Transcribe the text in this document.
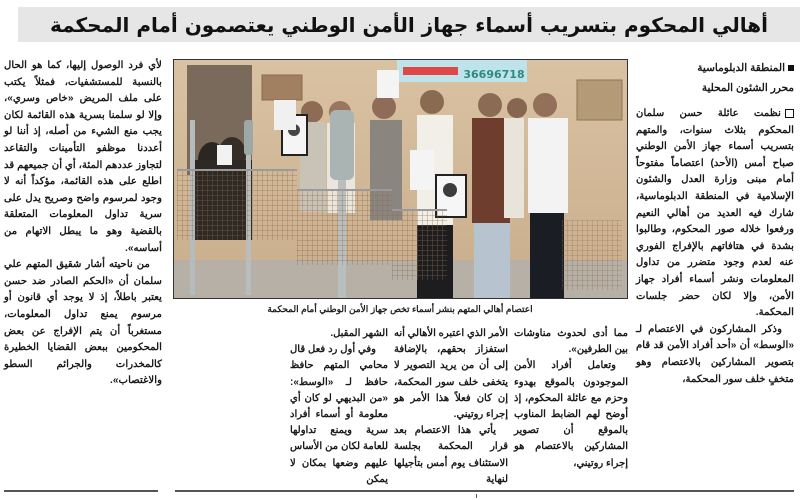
أهالي المحكوم بتسريب أسماء جهاز الأمن الوطني يعتصمون أمام المحكمة
المنطقة الدبلوماسية
محرر الشئون المحلية

نظمت عائلة حسن سلمان المحكوم بثلاث سنوات، والمتهم بتسريب أسماء جهاز الأمن الوطني صباح أمس (الأحد) اعتصاماً مفتوحاً أمام مبنى وزارة العدل والشئون الإسلامية في المنطقة الدبلوماسية، شارك فيه العديد من أهالي النعيم ورفعوا خلاله صور المحكوم، وطالبوا بشدة في هتافاتهم بالإفراج الفوري عنه لعدم وجود متضرر من تداول المعلومات ونشر أسماء أفراد جهاز الأمن، وإلا لكان حضر جلسات المحكمة.

وذكر المشاركون في الاعتصام لـ «الوسط» أن «أحد أفراد الأمن قد قام بتصوير المشاركين بالاعتصام وهو متخفٍ خلف سور المحكمة،

36696718
اعتصام أهالي المتهم بنشر أسماء تخص جهاز الأمن الوطني أمام المحكمة

مما أدى لحدوث مناوشات بين الطرفين».

وتعامل أفراد الأمن الموجودون بالموقع بهدوء وحزم مع عائلة المحكوم، إذ أوضح لهم الضابط المناوب بالموقع أن تصوير المشاركين بالاعتصام هو إجراء روتيني،

الأمر الذي اعتبره الأهالي أنه استفزاز بحقهم، بالإضافة إلى أن من يريد التصوير لا يتخفى خلف سور المحكمة، إن كان فعلاً هذا الأمر هو إجراء روتيني.

يأتي هذا الاعتصام بعد قرار المحكمة بجلسة الاستئناف يوم أمس بتأجيلها لنهاية

الشهر المقبل.

وفي أول رد فعل قال محامي المتهم حافظ حافظ لـ «الوسط»: «من البديهي لو كان أي معلومة أو أسماء أفراد سرية ويمنع تداولها للعامة لكان من الأساس عليهم وضعها بمكان لا يمكن

لأي فرد الوصول إليها، كما هو الحال بالنسبة للمستشفيات، فمثلاً يكتب على ملف المريض «خاص وسري»، وإلا لو سلمنا بسرية هذه القائمة لكان يجب منع الشيء من أصله، إذ أننا لو أعددنا موظفو التأمينات والتقاعد لتجاوز عددهم المئة، أي أن جميعهم قد اطلع على هذه القائمة، مؤكداً أنه لا وجود لمرسوم واضح وصريح يدل على سرية تداول المعلومات المتعلقة بالقضية وهو ما يبطل الاتهام من أساسه».

من ناحيته أشار شقيق المتهم علي سلمان أن «الحكم الصادر ضد حسن يعتبر باطلاً، إذ لا يوجد أي قانون أو مرسوم يمنع تداول المعلومات، مستغرباً أن يتم الإفراج عن بعض المحكومين ببعض القضايا الخطيرة كالمخدرات والجرائم السطو والاغتصاب».
